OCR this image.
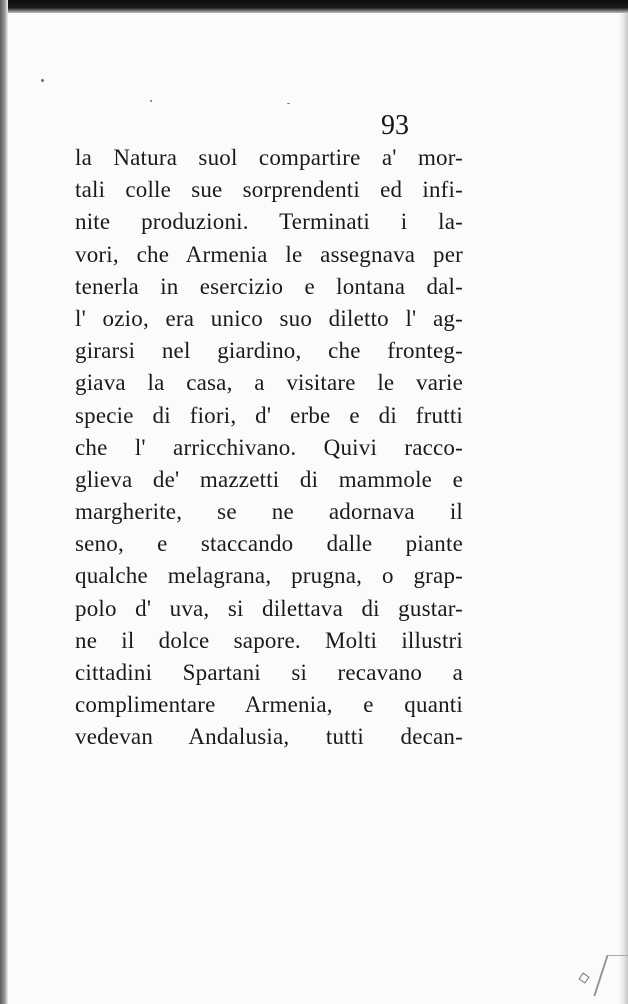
93
la Natura suol compartire a' mor-
tali colle sue sorprendenti ed infi-
nite produzioni. Terminati i la-
vori, che Armenia le assegnava per
tenerla in esercizio e lontana dal-
l' ozio, era unico suo diletto l' ag-
girarsi nel giardino, che fronteg-
giava la casa, a visitare le varie
specie di fiori, d' erbe e di frutti
che l' arricchivano. Quivi racco-
glieva de' mazzetti di mammole e
margherite, se ne adornava il
seno, e staccando dalle piante
qualche melagrana, prugna, o grap-
polo d' uva, si dilettava di gustar-
ne il dolce sapore. Molti illustri
cittadini Spartani si recavano a
complimentare Armenia, e quanti
vedevan Andalusia, tutti decan-
